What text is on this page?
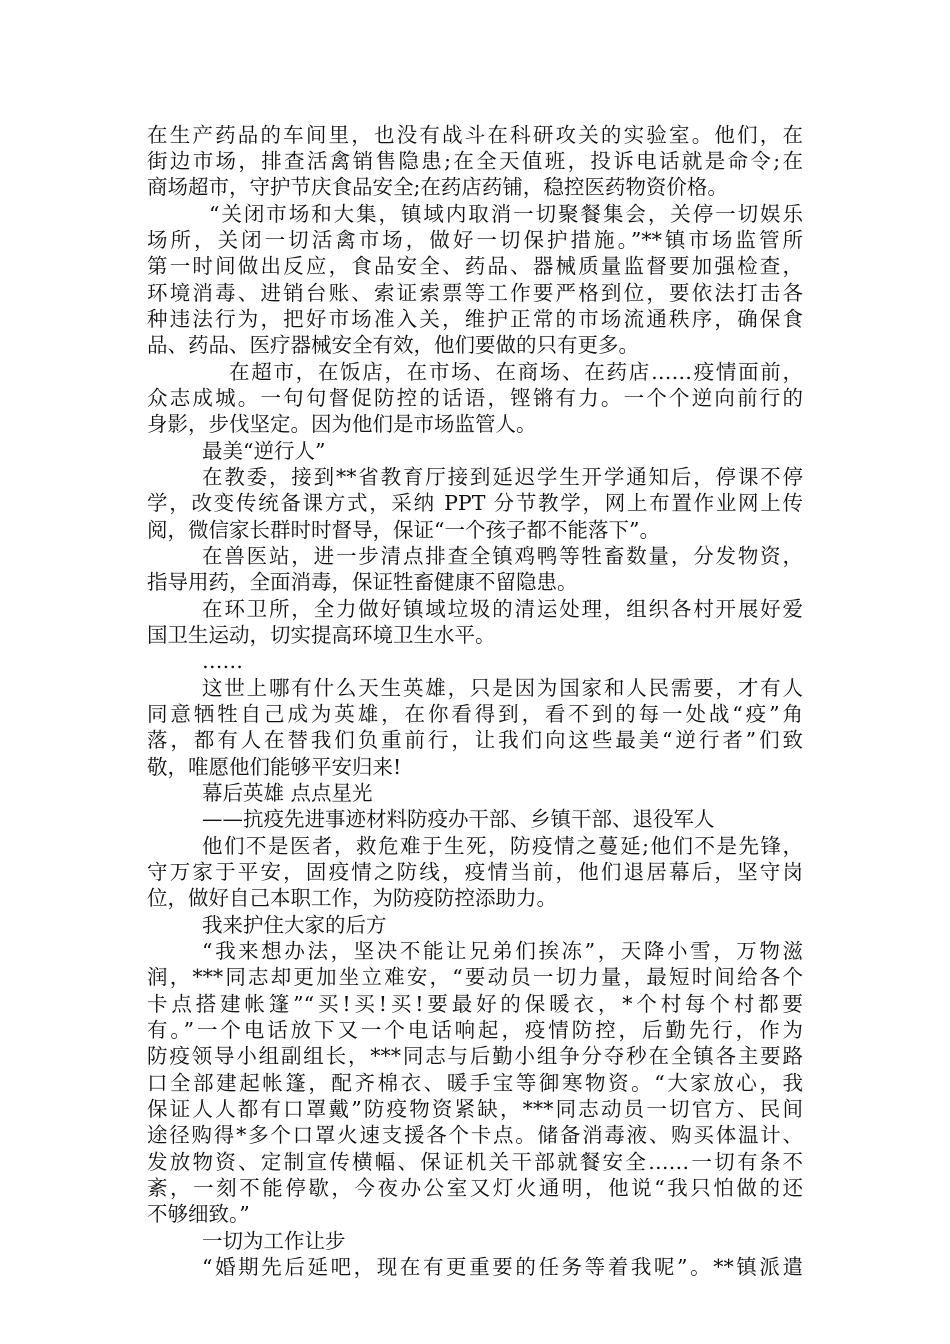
在生产药品的车间里，也没有战斗在科研攻关的实验室。他们，在
街边市场，排查活禽销售隐患;在全天值班，投诉电话就是命令;在
商场超市，守护节庆食品安全;在药店药铺，稳控医药物资价格。
“关闭市场和大集，镇域内取消一切聚餐集会，关停一切娱乐
场所，关闭一切活禽市场，做好一切保护措施。”**镇市场监管所
第一时间做出反应，食品安全、药品、器械质量监督要加强检查，
环境消毒、进销台账、索证索票等工作要严格到位，要依法打击各
种违法行为，把好市场准入关，维护正常的市场流通秩序，确保食
品、药品、医疗器械安全有效，他们要做的只有更多。
在超市，在饭店，在市场、在商场、在药店……疫情面前，
众志成城。一句句督促防控的话语，铿锵有力。一个个逆向前行的
身影，步伐坚定。因为他们是市场监管人。
最美“逆行人”
在教委，接到**省教育厅接到延迟学生开学通知后，停课不停
学，改变传统备课方式，采纳 PPT 分节教学，网上布置作业网上传
阅，微信家长群时时督导，保证“一个孩子都不能落下”。
在兽医站，进一步清点排查全镇鸡鸭等牲畜数量，分发物资，
指导用药，全面消毒，保证牲畜健康不留隐患。
在环卫所，全力做好镇域垃圾的清运处理，组织各村开展好爱
国卫生运动，切实提高环境卫生水平。
……
这世上哪有什么天生英雄，只是因为国家和人民需要，才有人
同意牺牲自己成为英雄，在你看得到，看不到的每一处战“疫”角
落，都有人在替我们负重前行，让我们向这些最美“逆行者”们致
敬，唯愿他们能够平安归来!
幕后英雄 点点星光
——抗疫先进事迹材料防疫办干部、乡镇干部、退役军人
他们不是医者，救危难于生死，防疫情之蔓延;他们不是先锋，
守万家于平安，固疫情之防线，疫情当前，他们退居幕后，坚守岗
位，做好自己本职工作，为防疫防控添助力。
我来护住大家的后方
“我来想办法，坚决不能让兄弟们挨冻”，天降小雪，万物滋
润，***同志却更加坐立难安，“要动员一切力量，最短时间给各个
卡点搭建帐篷”“买!买!买!要最好的保暖衣，*个村每个村都要
有。”一个电话放下又一个电话响起，疫情防控，后勤先行，作为
防疫领导小组副组长，***同志与后勤小组争分夺秒在全镇各主要路
口全部建起帐篷，配齐棉衣、暖手宝等御寒物资。“大家放心，我
保证人人都有口罩戴”防疫物资紧缺，***同志动员一切官方、民间
途径购得*多个口罩火速支援各个卡点。储备消毒液、购买体温计、
发放物资、定制宣传横幅、保证机关干部就餐安全……一切有条不
紊，一刻不能停歇，今夜办公室又灯火通明，他说“我只怕做的还
不够细致。”
一切为工作让步
“婚期先后延吧，现在有更重要的任务等着我呢”。**镇派遣
